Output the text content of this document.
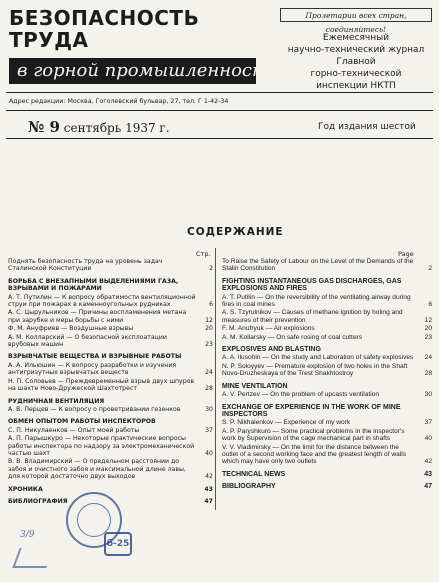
БЕЗОПАСНОСТЬ
ТРУДА
в горной промышленности
Пролетарии всех стран, соединяйтесь!
Ежемесячный
научно-технический журнал
Главной
горно-технической
инспекции НКТП
Адрес редакции: Москва, Гоголевский бульвар, 27, тел. Г 1-42-34
№ 9 сентябрь 1937 г.	Год издания шестой
СОДЕРЖАНИЕ
Стр.	Page
Поднять безопасность труда на уровень задач Сталинской Конституции	2
БОРЬБА С ВНЕЗАПНЫМИ ВЫДЕЛЕНИЯМИ ГАЗА, ВЗРЫВАМИ И ПОЖАРАМИ
А. Т. Путилин — К вопросу обратимости вентиляционной струи при пожарах в каменноугольных рудниках	6
А. С. Цырульников — Причины воспламенения метана при зарубке и меры борьбы с ними	12
Ф. М. Ануфриев — Воздушные взрывы	20
А. М. Колларский — О безопасной эксплоатации врубовых машин	23
ВЗРЫВЧАТЫЕ ВЕЩЕСТВА И ВЗРЫВНЫЕ РАБОТЫ
А. А. Ильюшин — К вопросу разработки и изучения антигризутных взрывчатых веществ	24
Н. П. Соловьев — Преждевременный взрыв двух шпуров на шахте Ново-Дружеской Шахтотрест	28
РУДНИЧНАЯ ВЕНТИЛЯЦИЯ
А. В. Перцев — К вопросу о проветривании гезенков	30
ОБМЕН ОПЫТОМ РАБОТЫ ИНСПЕКТОРОВ
С. П. Никулаенков — Опыт моей работы	37
А. П. Парышкуро — Некоторые практические вопросы работы инспектора по надзору за электромеханической частью шахт	40
В. В. Владимирский — О предельном расстоянии до забоя и очистного забоя и максимальной длине лавы, для которой достаточно двух выходов	42
ХРОНИКА	43
БИБЛИОГРАФИЯ	47
To Raise the Safety of Labour on the Level of the Demands of the Stalin Constitution	2
FIGHTING INSTANTANEOUS GAS DISCHARGES, GAS EXPLOSIONS AND FIRES
A. T. Putilin — On the reversibility of the ventilating airway during fires in coal mines	6
A. S. Tzyrulnikov — Causes of methane ignition by holing and measures of their prevention	12
F. M. Anufryuk — Air explosions	20
A. M. Kollarsky — On safe rosing of coal cutters	23
EXPLOSIVES AND BLASTING
A. A. Ilusohin — On the study and Laboration of safety explosives	24
N. P. Soloyyev — Premature explosion of two holes in the Shaft Novo-Druzheskaya of the Trest Shakhtostroy	28
MINE VENTILATION
A. V. Pertzev — On the problem of upcasts ventilation	30
EXCHANGE OF EXPERIENCE IN THE WORK OF MINE INSPECTORS
S. P. Nikhalenkov — Experience of my work	37
A. P. Paryshkuro — Some practical problems in the inspector's work by Supervision of the cage mechanical part in shafts	40
V. V. Vladimirsky — On the limit for the distance between the outlet of a second working face and the greatest length of walls which may have only two outlets	42
TECHNICAL NEWS	43
BIBLIOGRAPHY	47
б-25
3/9
